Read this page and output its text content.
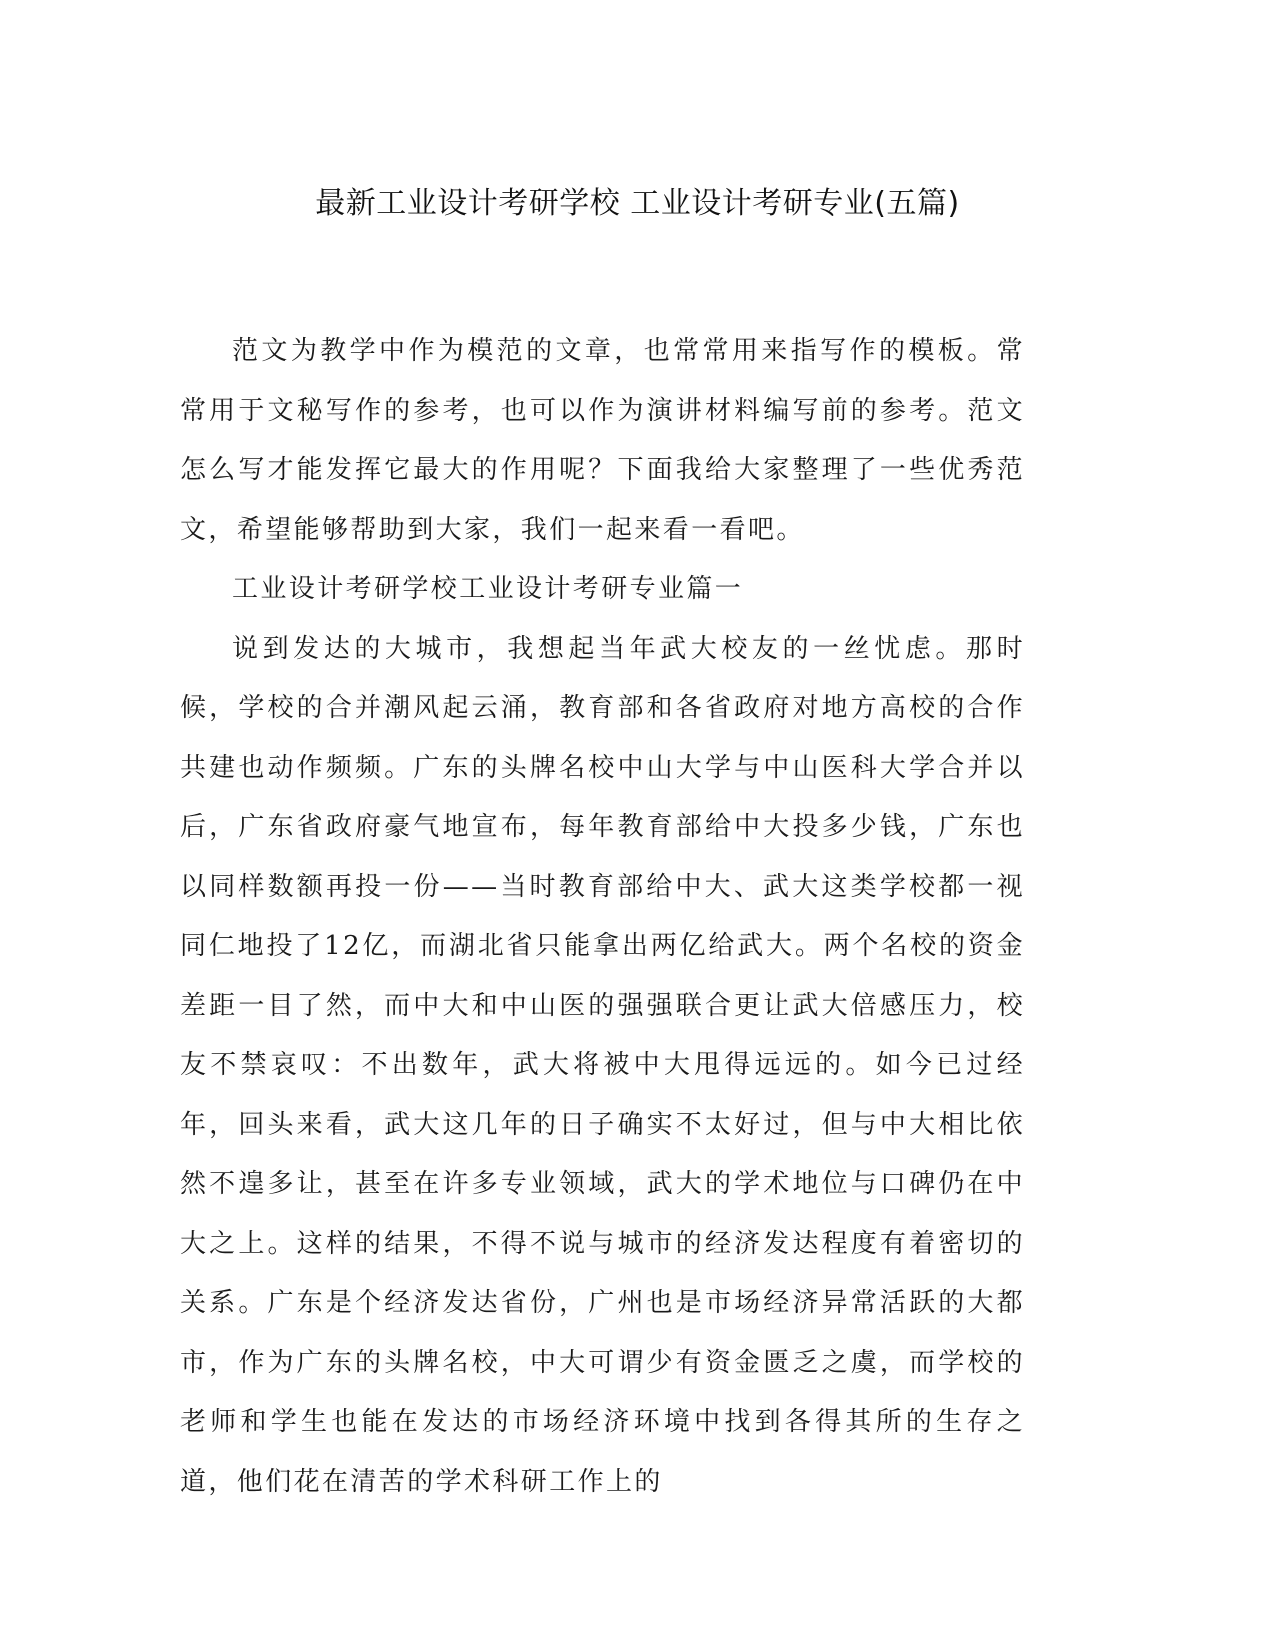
最新工业设计考研学校 工业设计考研专业(五篇)

范文为教学中作为模范的文章，也常常用来指写作的模板。常常用于文秘写作的参考，也可以作为演讲材料编写前的参考。范文怎么写才能发挥它最大的作用呢？下面我给大家整理了一些优秀范文，希望能够帮助到大家，我们一起来看一看吧。

工业设计考研学校工业设计考研专业篇一

说到发达的大城市，我想起当年武大校友的一丝忧虑。那时候，学校的合并潮风起云涌，教育部和各省政府对地方高校的合作共建也动作频频。广东的头牌名校中山大学与中山医科大学合并以后，广东省政府豪气地宣布，每年教育部给中大投多少钱，广东也以同样数额再投一份——当时教育部给中大、武大这类学校都一视同仁地投了12亿，而湖北省只能拿出两亿给武大。两个名校的资金差距一目了然，而中大和中山医的强强联合更让武大倍感压力，校友不禁哀叹：不出数年，武大将被中大甩得远远的。如今已过经年，回头来看，武大这几年的日子确实不太好过，但与中大相比依然不遑多让，甚至在许多专业领域，武大的学术地位与口碑仍在中大之上。这样的结果，不得不说与城市的经济发达程度有着密切的关系。广东是个经济发达省份，广州也是市场经济异常活跃的大都市，作为广东的头牌名校，中大可谓少有资金匮乏之虞，而学校的老师和学生也能在发达的市场经济环境中找到各得其所的生存之道，他们花在清苦的学术科研工作上的
